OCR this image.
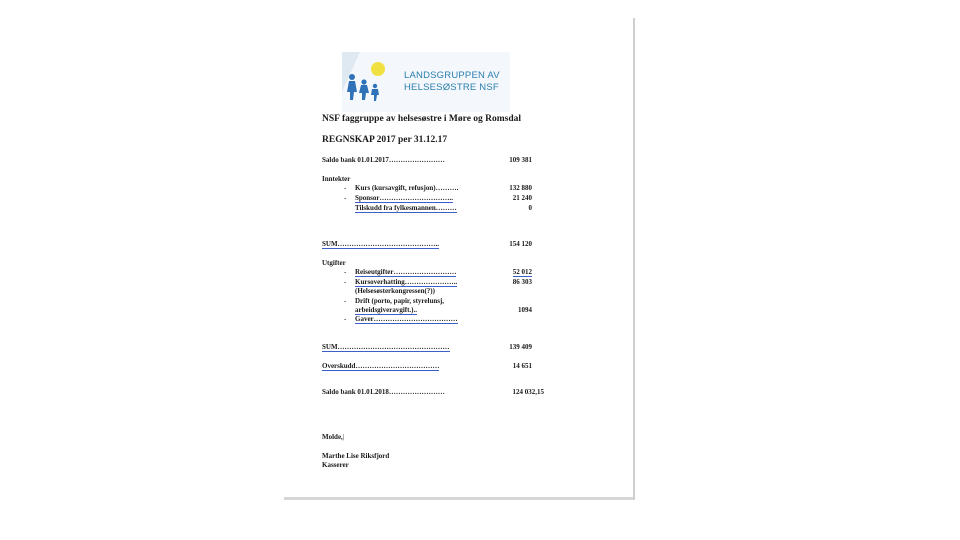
LANDSGRUPPEN AV
HELSESØSTRE NSF
NSF faggruppe av helsesøstre i Møre og Romsdal
REGNSKAP 2017 per 31.12.17
Saldo bank 01.01.2017……………………	109 381
Inntekter
- Kurs (kursavgift, refusjon)……….	132 880
- Sponsor…………………………..	21 240
Tilskudd fra fylkesmannen………	0
SUM……………………………………..	154 120
Utgifter
- Reiseutgifter………………………	52 012
- Kursoverhatting…………………..	86 303
(Helsesøsterkongressen(?))
- Drift (porto, papir, styrelunsj,
arbeidsgiveravgift.)..	1094
- Gaver………………………………
SUM…………………………………………	139 409
Overskudd………………………………	14 651
Saldo bank 01.01.2018……………………	124 032,15
Molde,|
Marthe Lise Riksfjord
Kasserer
